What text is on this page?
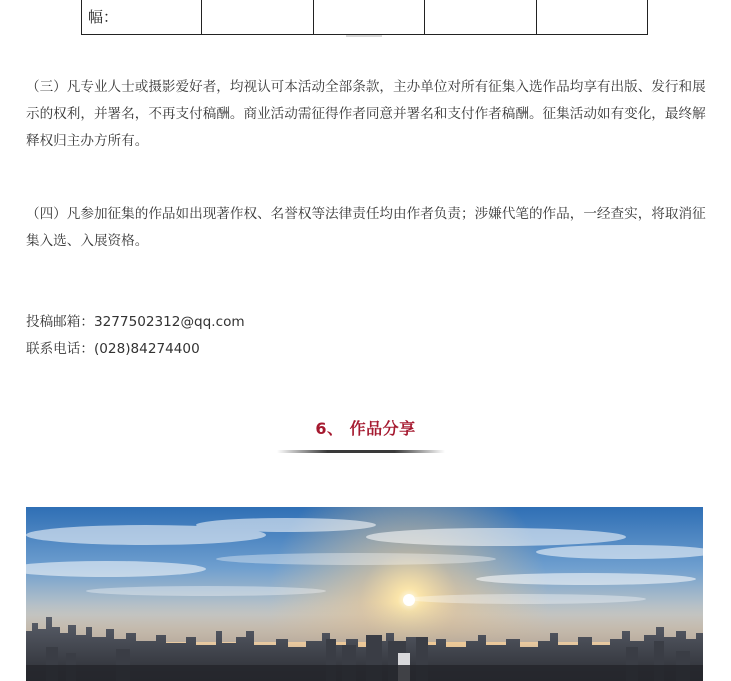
幅：				

（三）凡专业人士或摄影爱好者，均视认可本活动全部条款，主办单位对所有征集入选作品均享有出版、发行和展示的权利，并署名，不再支付稿酬。商业活动需征得作者同意并署名和支付作者稿酬。征集活动如有变化，最终解释权归主办方所有。

（四）凡参加征集的作品如出现著作权、名誉权等法律责任均由作者负责；涉嫌代笔的作品，一经查实，将取消征集入选、入展资格。

投稿邮箱：3277502312@qq.com
联系电话：(028)84274400
6、 作品分享
